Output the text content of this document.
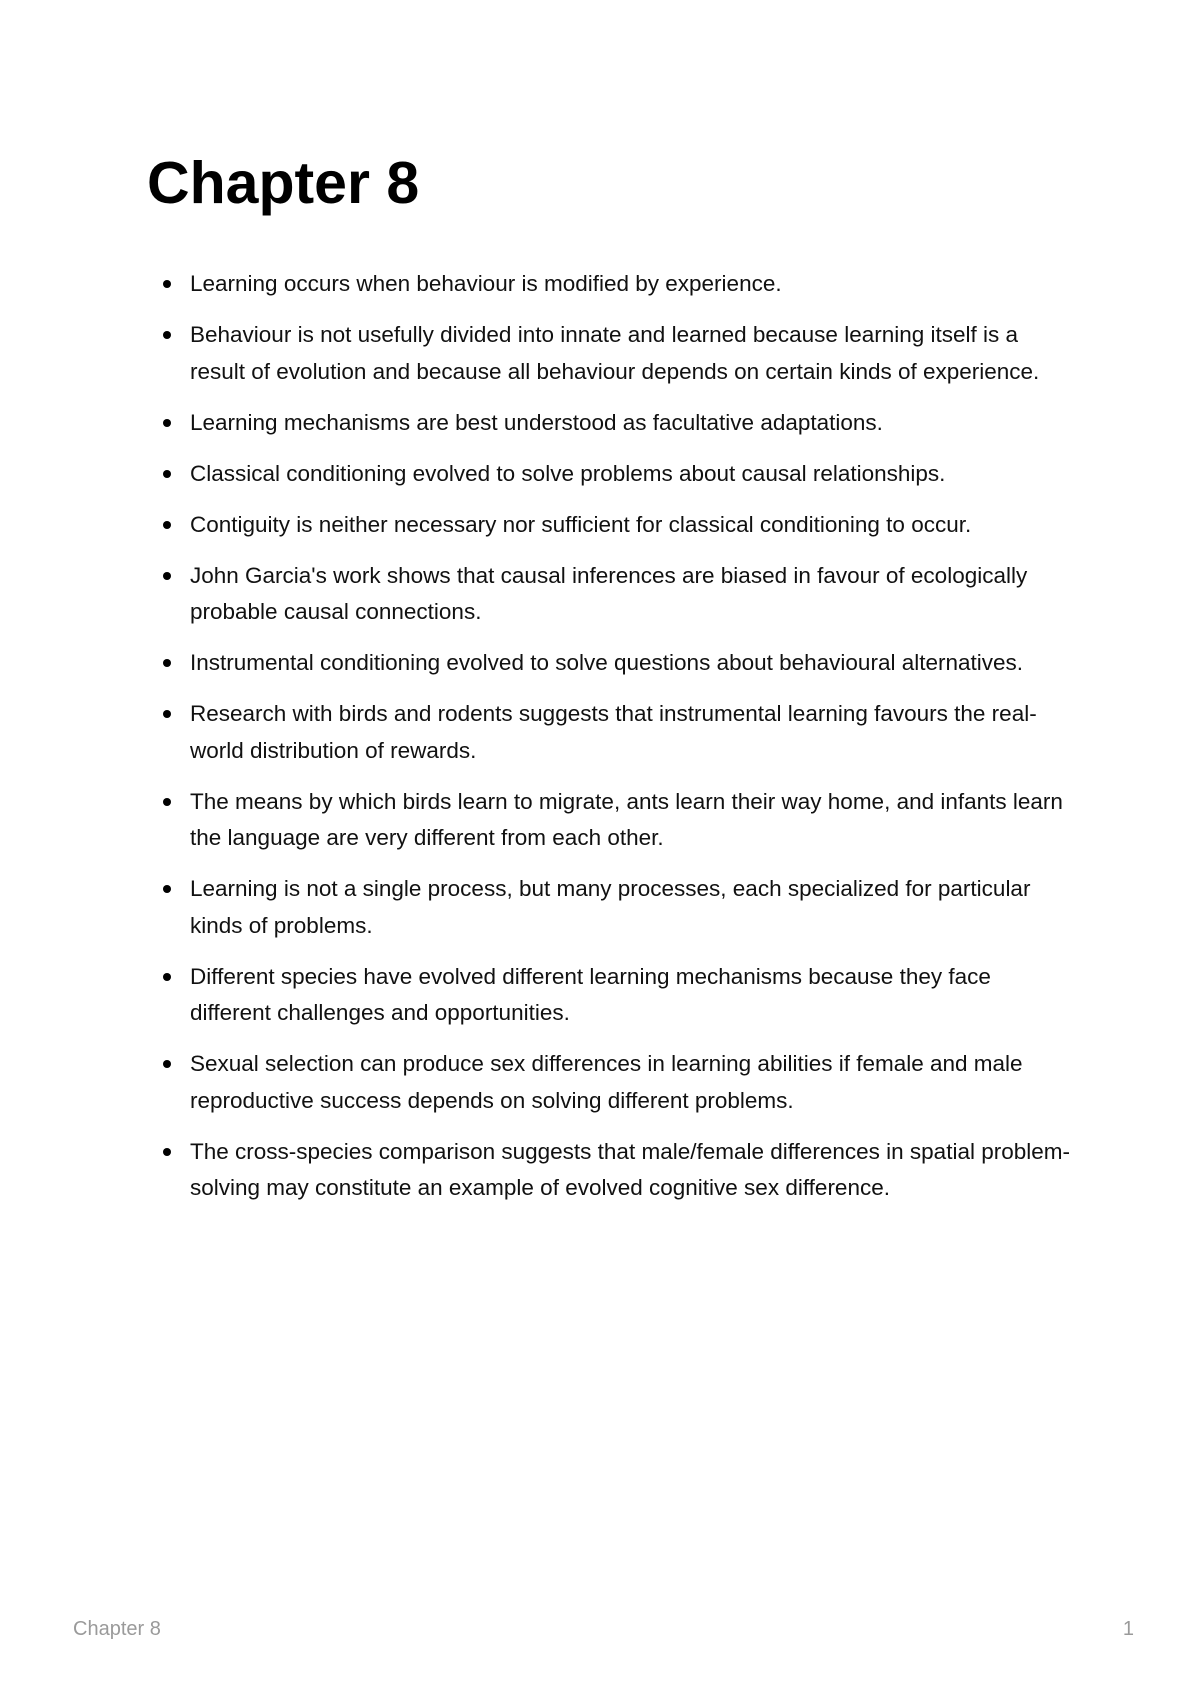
Chapter 8
Learning occurs when behaviour is modified by experience.
Behaviour is not usefully divided into innate and learned because learning itself is a result of evolution and because all behaviour depends on certain kinds of experience.
Learning mechanisms are best understood as facultative adaptations.
Classical conditioning evolved to solve problems about causal relationships.
Contiguity is neither necessary nor sufficient for classical conditioning to occur.
John Garcia's work shows that causal inferences are biased in favour of ecologically probable causal connections.
Instrumental conditioning evolved to solve questions about behavioural alternatives.
Research with birds and rodents suggests that instrumental learning favours the real-world distribution of rewards.
The means by which birds learn to migrate, ants learn their way home, and infants learn the language are very different from each other.
Learning is not a single process, but many processes, each specialized for particular kinds of problems.
Different species have evolved different learning mechanisms because they face different challenges and opportunities.
Sexual selection can produce sex differences in learning abilities if female and male reproductive success depends on solving different problems.
The cross-species comparison suggests that male/female differences in spatial problem-solving may constitute an example of evolved cognitive sex difference.
Chapter 8	1
